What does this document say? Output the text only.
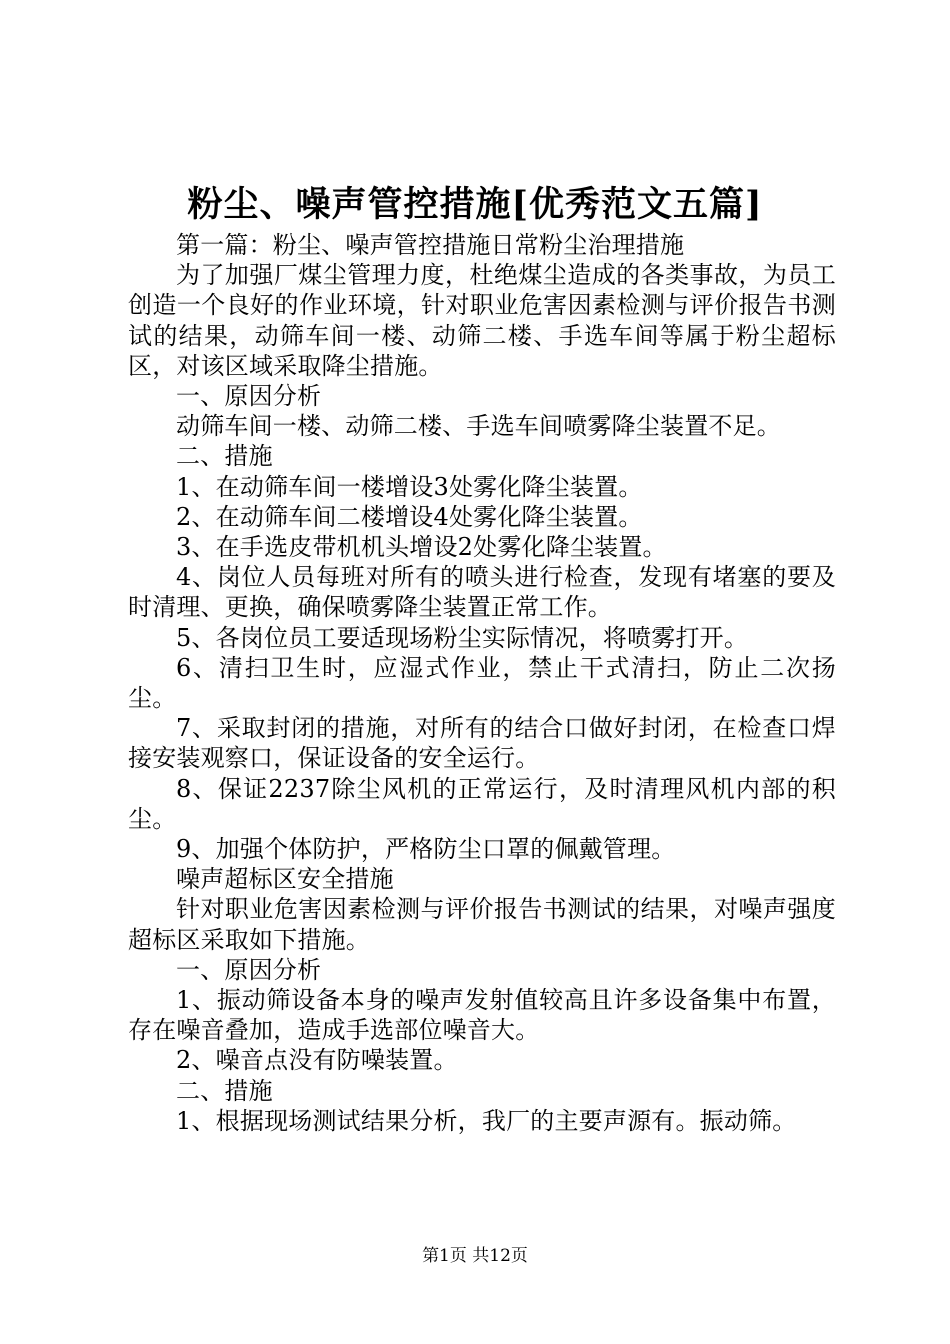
粉尘、噪声管控措施[优秀范文五篇]

第一篇：粉尘、噪声管控措施日常粉尘治理措施

为了加强厂煤尘管理力度，杜绝煤尘造成的各类事故，为员工创造一个良好的作业环境，针对职业危害因素检测与评价报告书测试的结果，动筛车间一楼、动筛二楼、手选车间等属于粉尘超标区，对该区域采取降尘措施。

一、原因分析

动筛车间一楼、动筛二楼、手选车间喷雾降尘装置不足。

二、措施

1、在动筛车间一楼增设3处雾化降尘装置。

2、在动筛车间二楼增设4处雾化降尘装置。

3、在手选皮带机机头增设2处雾化降尘装置。

4、岗位人员每班对所有的喷头进行检查，发现有堵塞的要及时清理、更换，确保喷雾降尘装置正常工作。

5、各岗位员工要适现场粉尘实际情况，将喷雾打开。

6、清扫卫生时，应湿式作业，禁止干式清扫，防止二次扬尘。

7、采取封闭的措施，对所有的结合口做好封闭，在检查口焊接安装观察口，保证设备的安全运行。

8、保证2237除尘风机的正常运行，及时清理风机内部的积尘。

9、加强个体防护，严格防尘口罩的佩戴管理。

噪声超标区安全措施

针对职业危害因素检测与评价报告书测试的结果，对噪声强度超标区采取如下措施。

一、原因分析

1、振动筛设备本身的噪声发射值较高且许多设备集中布置，存在噪音叠加，造成手选部位噪音大。

2、噪音点没有防噪装置。

二、措施

1、根据现场测试结果分析，我厂的主要声源有。振动筛。

第1页 共12页
